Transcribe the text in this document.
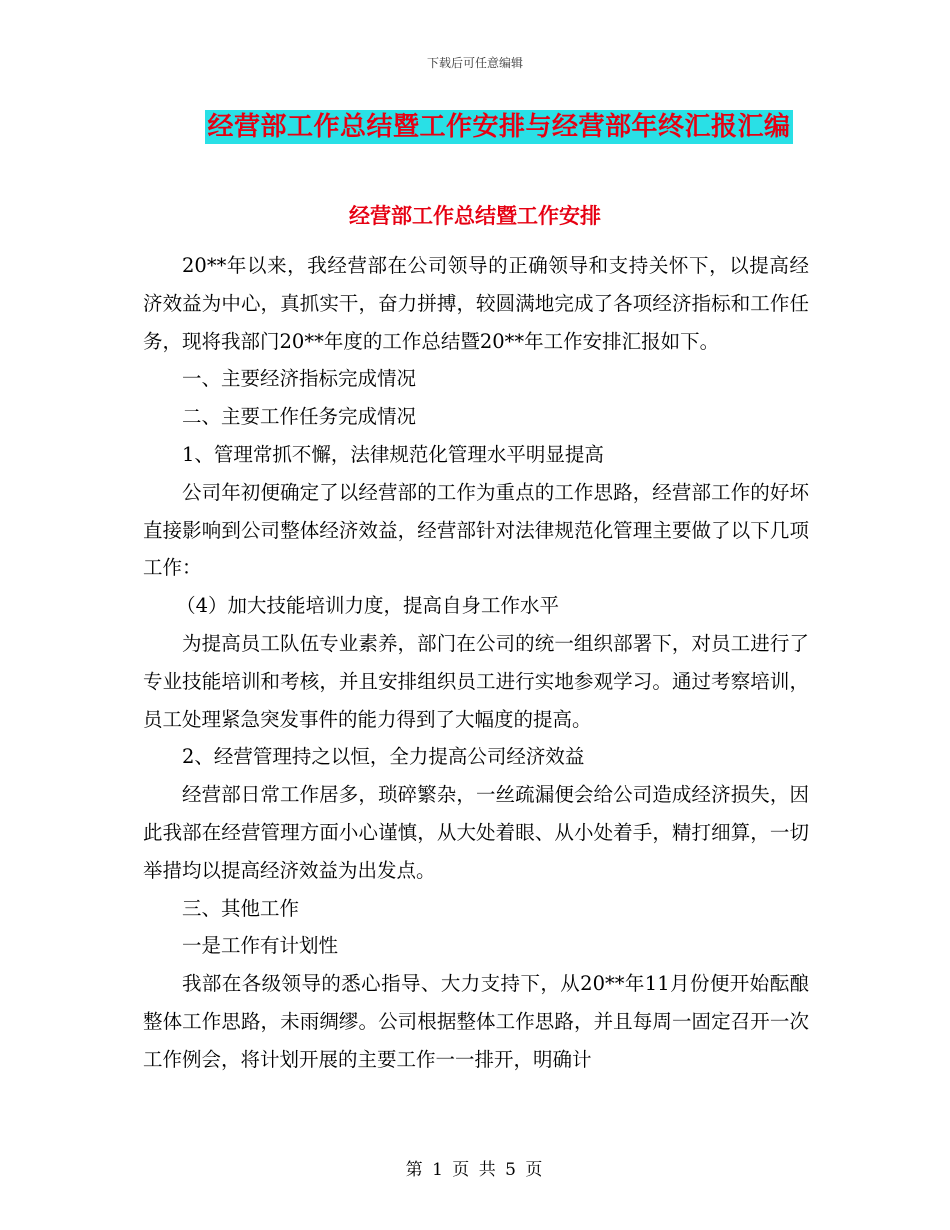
下载后可任意编辑
经营部工作总结暨工作安排与经营部年终汇报汇编
经营部工作总结暨工作安排

20**年以来，我经营部在公司领导的正确领导和支持关怀下，以提高经济效益为中心，真抓实干，奋力拼搏，较圆满地完成了各项经济指标和工作任务，现将我部门20**年度的工作总结暨20**年工作安排汇报如下。

一、主要经济指标完成情况

二、主要工作任务完成情况

1、管理常抓不懈，法律规范化管理水平明显提高

公司年初便确定了以经营部的工作为重点的工作思路，经营部工作的好坏直接影响到公司整体经济效益，经营部针对法律规范化管理主要做了以下几项工作：

（4）加大技能培训力度，提高自身工作水平

为提高员工队伍专业素养，部门在公司的统一组织部署下，对员工进行了专业技能培训和考核，并且安排组织员工进行实地参观学习。通过考察培训，员工处理紧急突发事件的能力得到了大幅度的提高。

2、经营管理持之以恒，全力提高公司经济效益

经营部日常工作居多，琐碎繁杂，一丝疏漏便会给公司造成经济损失，因此我部在经营管理方面小心谨慎，从大处着眼、从小处着手，精打细算，一切举措均以提高经济效益为出发点。

三、其他工作

一是工作有计划性

我部在各级领导的悉心指导、大力支持下，从20**年11月份便开始酝酿整体工作思路，未雨绸缪。公司根据整体工作思路，并且每周一固定召开一次工作例会，将计划开展的主要工作一一排开，明确计

第 1 页 共 5 页
